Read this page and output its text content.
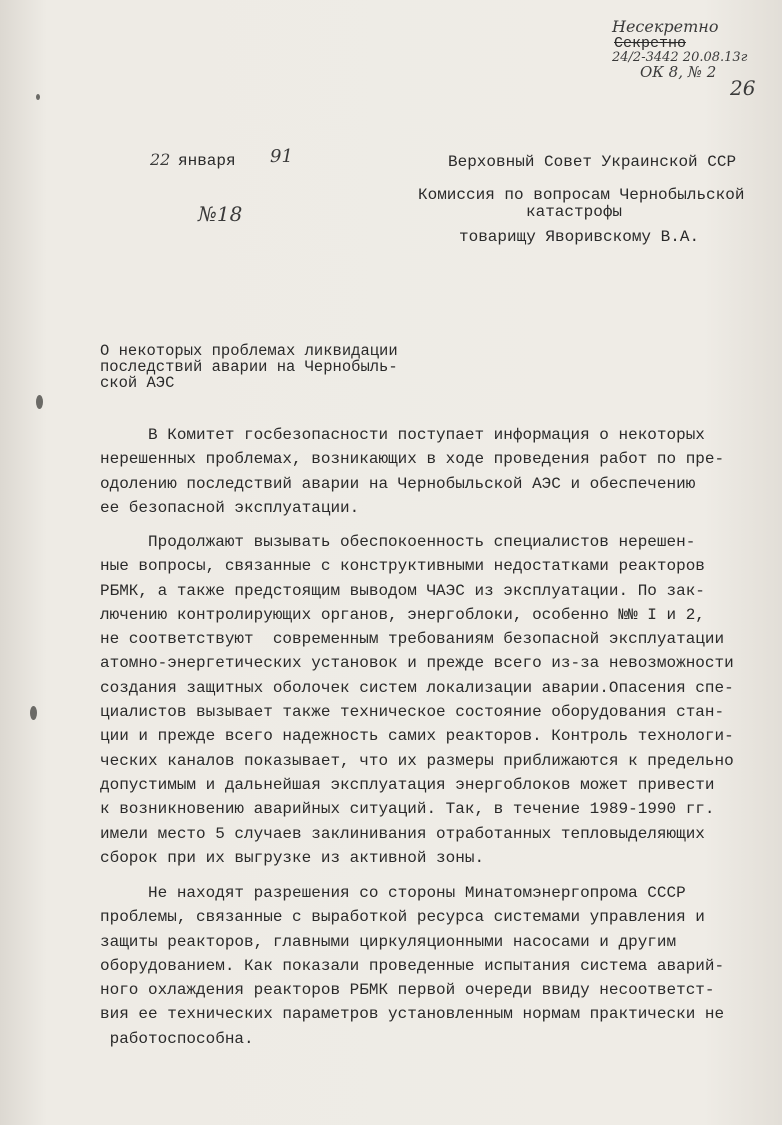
Несекретно
Секретно
24/2-3442 20.08.13г
ОК 8, № 2
26
22 января 91
№18
Верховный Совет Украинской ССР
Комиссия по вопросам Чернобыльской
катастрофы
товарищу Яворивскому В.А.
О некоторых проблемах ликвидации
последствий аварии на Чернобыль-
ской АЭС
В Комитет госбезопасности поступает информация о некоторых
нерешенных проблемах, возникающих в ходе проведения работ по пре-
одолению последствий аварии на Чернобыльской АЭС и обеспечению
ее безопасной эксплуатации.
Продолжают вызывать обеспокоенность специалистов нерешен-
ные вопросы, связанные с конструктивными недостатками реакторов
РБМК, а также предстоящим выводом ЧАЭС из эксплуатации. По зак-
лючению контролирующих органов, энергоблоки, особенно №№ I и 2,
не соответствуют  современным требованиям безопасной эксплуатации
атомно-энергетических установок и прежде всего из-за невозможности
создания защитных оболочек систем локализации аварии.Опасения спе-
циалистов вызывает также техническое состояние оборудования стан-
ции и прежде всего надежность самих реакторов. Контроль технологи-
ческих каналов показывает, что их размеры приближаются к предельно
допустимым и дальнейшая эксплуатация энергоблоков может привести
к возникновению аварийных ситуаций. Так, в течение 1989-1990 гг.
имели место 5 случаев заклинивания отработанных тепловыделяющих
сборок при их выгрузке из активной зоны.
Не находят разрешения со стороны Минатомэнергопрома СССР
проблемы, связанные с выработкой ресурса системами управления и
защиты реакторов, главными циркуляционными насосами и другим
оборудованием. Как показали проведенные испытания система аварий-
ного охлаждения реакторов РБМК первой очереди ввиду несоответст-
вия ее технических параметров установленным нормам практически не
работоспособна.
